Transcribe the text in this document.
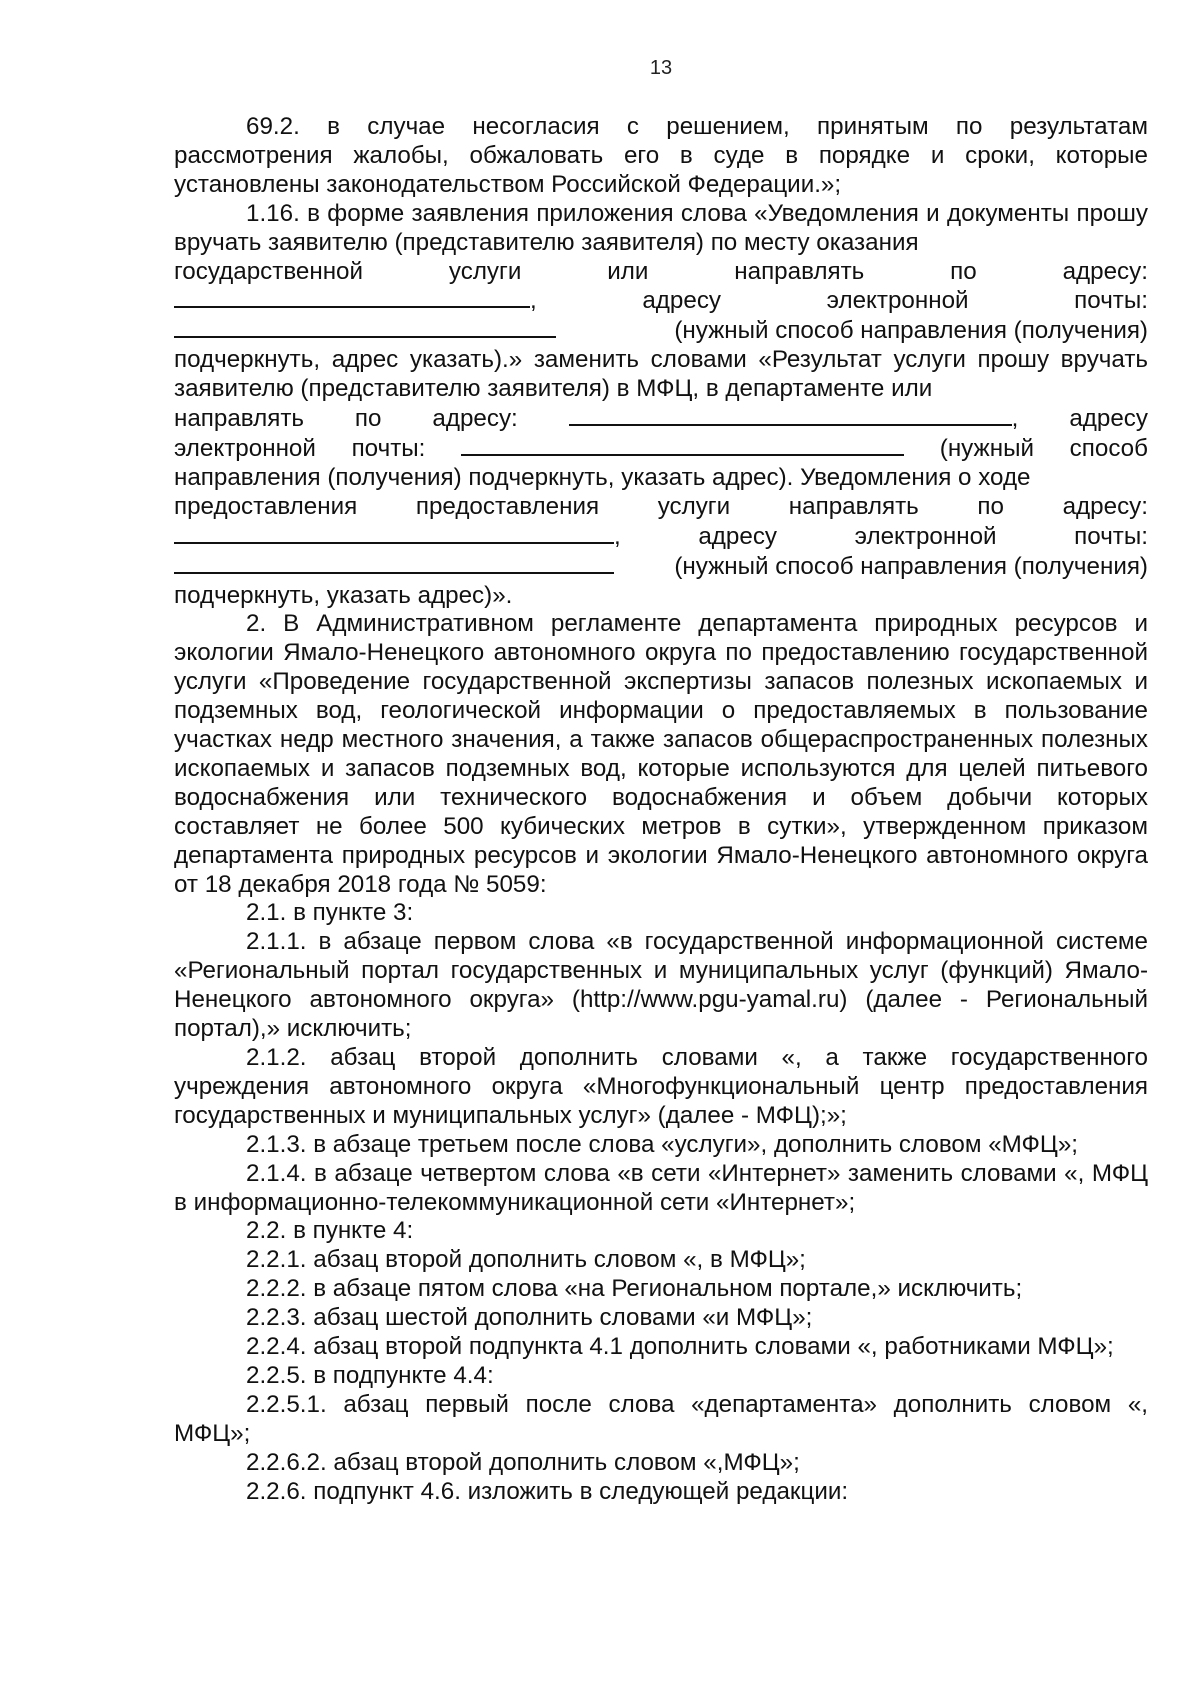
13

69.2. в случае несогласия с решением, принятым по результатам рассмотрения жалобы, обжаловать его в суде в порядке и сроки, которые установлены законодательством Российской Федерации.»;

1.16. в форме заявления приложения слова «Уведомления и документы прошу вручать заявителю (представителю заявителя) по месту оказания

государственной	услуги	или	направлять	по	адресу:
,	адресу	электронной	почты:
(нужный способ направления (получения)

подчеркнуть, адрес указать).» заменить словами «Результат услуги прошу вручать заявителю (представителю заявителя) в МФЦ, в департаменте или

направлять по адресу:	, адресу
электронной почты:	(нужный способ

направления (получения) подчеркнуть, указать адрес). Уведомления о ходе

предоставления предоставления услуги направлять по адресу:
,	адресу	электронной	почты:
(нужный способ направления (получения)

подчеркнуть, указать адрес)».

2. В Административном регламенте департамента природных ресурсов и экологии Ямало-Ненецкого автономного округа по предоставлению государственной услуги «Проведение государственной экспертизы запасов полезных ископаемых и подземных вод, геологической информации о предоставляемых в пользование участках недр местного значения, а также запасов общераспространенных полезных ископаемых и запасов подземных вод, которые используются для целей питьевого водоснабжения или технического водоснабжения и объем добычи которых составляет не более 500 кубических метров в сутки», утвержденном приказом департамента природных ресурсов и экологии Ямало-Ненецкого автономного округа от 18 декабря 2018 года № 5059:

2.1. в пункте 3:

2.1.1. в абзаце первом слова «в государственной информационной системе «Региональный портал государственных и муниципальных услуг (функций) Ямало-Ненецкого автономного округа» (http://www.pgu-yamal.ru) (далее - Региональный портал),» исключить;

2.1.2. абзац второй дополнить словами «, а также государственного учреждения автономного округа «Многофункциональный центр предоставления государственных и муниципальных услуг» (далее - МФЦ);»;

2.1.3. в абзаце третьем после слова «услуги», дополнить словом «МФЦ»;

2.1.4. в абзаце четвертом слова «в сети «Интернет» заменить словами «, МФЦ в информационно-телекоммуникационной сети «Интернет»;

2.2. в пункте 4:

2.2.1. абзац второй дополнить словом «, в МФЦ»;

2.2.2. в абзаце пятом слова «на Региональном портале,» исключить;

2.2.3. абзац шестой дополнить словами «и МФЦ»;

2.2.4. абзац второй подпункта 4.1 дополнить словами «, работниками МФЦ»;

2.2.5. в подпункте 4.4:

2.2.5.1. абзац первый после слова «департамента» дополнить словом «, МФЦ»;

2.2.6.2. абзац второй дополнить словом «,МФЦ»;

2.2.6. подпункт 4.6. изложить в следующей редакции:
